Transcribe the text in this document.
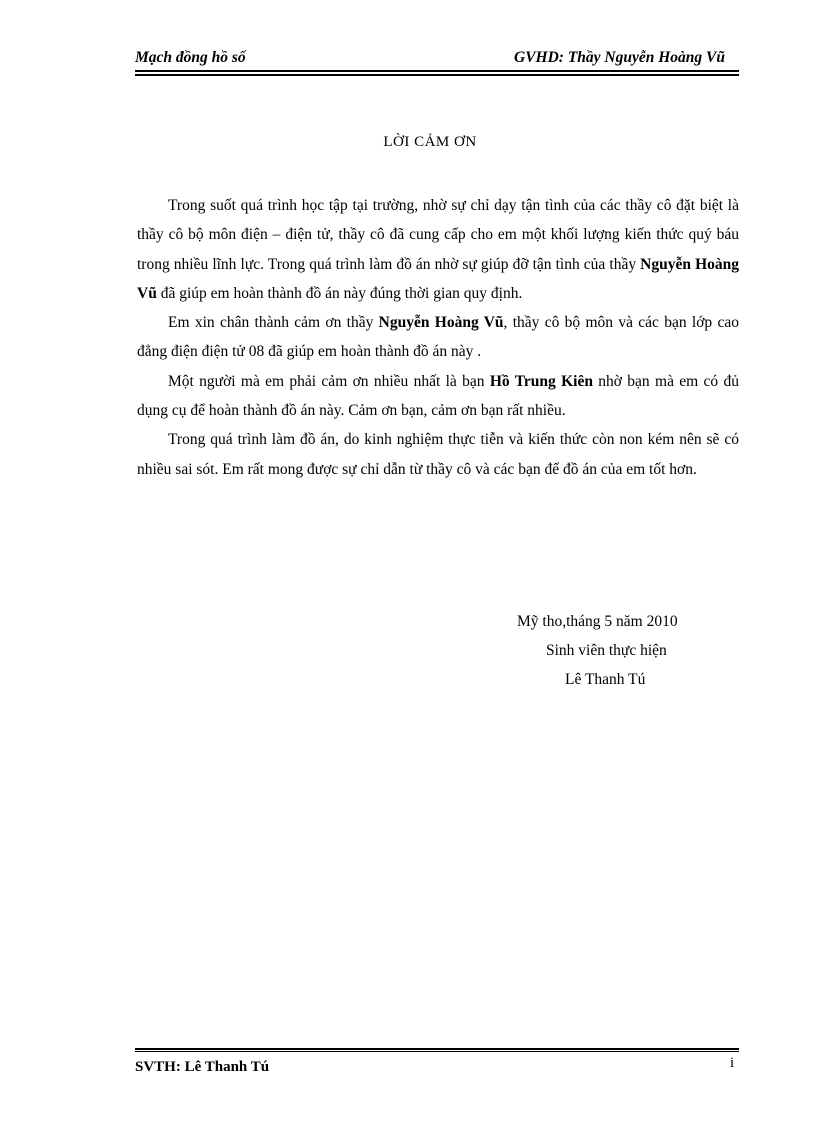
Mạch đồng hồ số	GVHD: Thầy Nguyễn Hoàng Vũ
LỜI CẢM ƠN

Trong suốt quá trình học tập tại trường, nhờ sự chỉ dạy tận tình của các thầy cô đặt biệt là thầy cô bộ môn điện – điện tử, thầy cô đã cung cấp cho em một khối lượng kiến thức quý báu trong nhiều lĩnh lực. Trong quá trình làm đồ án nhờ sự giúp đỡ tận tình của thầy Nguyễn Hoàng Vũ đã giúp em hoàn thành đồ án này đúng thời gian quy định.

Em xin chân thành cảm ơn thầy Nguyễn Hoàng Vũ, thầy cô bộ môn và các bạn lớp cao đẳng điện điện tử 08 đã giúp em hoàn thành đồ án này .

Một người mà em phải cảm ơn nhiều nhất là bạn Hồ Trung Kiên nhờ bạn mà em có đủ dụng cụ để hoàn thành đồ án này. Cảm ơn bạn, cảm ơn bạn rất nhiều.

Trong quá trình làm đồ án, do kinh nghiệm thực tiễn và kiến thức còn non kém nên sẽ có nhiều sai sót. Em rất mong được sự chỉ dẫn từ thầy cô và các bạn để đồ án của em tốt hơn.

Mỹ tho,tháng 5 năm 2010
Sinh viên thực hiện
Lê Thanh Tú
SVTH: Lê Thanh Tú	i
